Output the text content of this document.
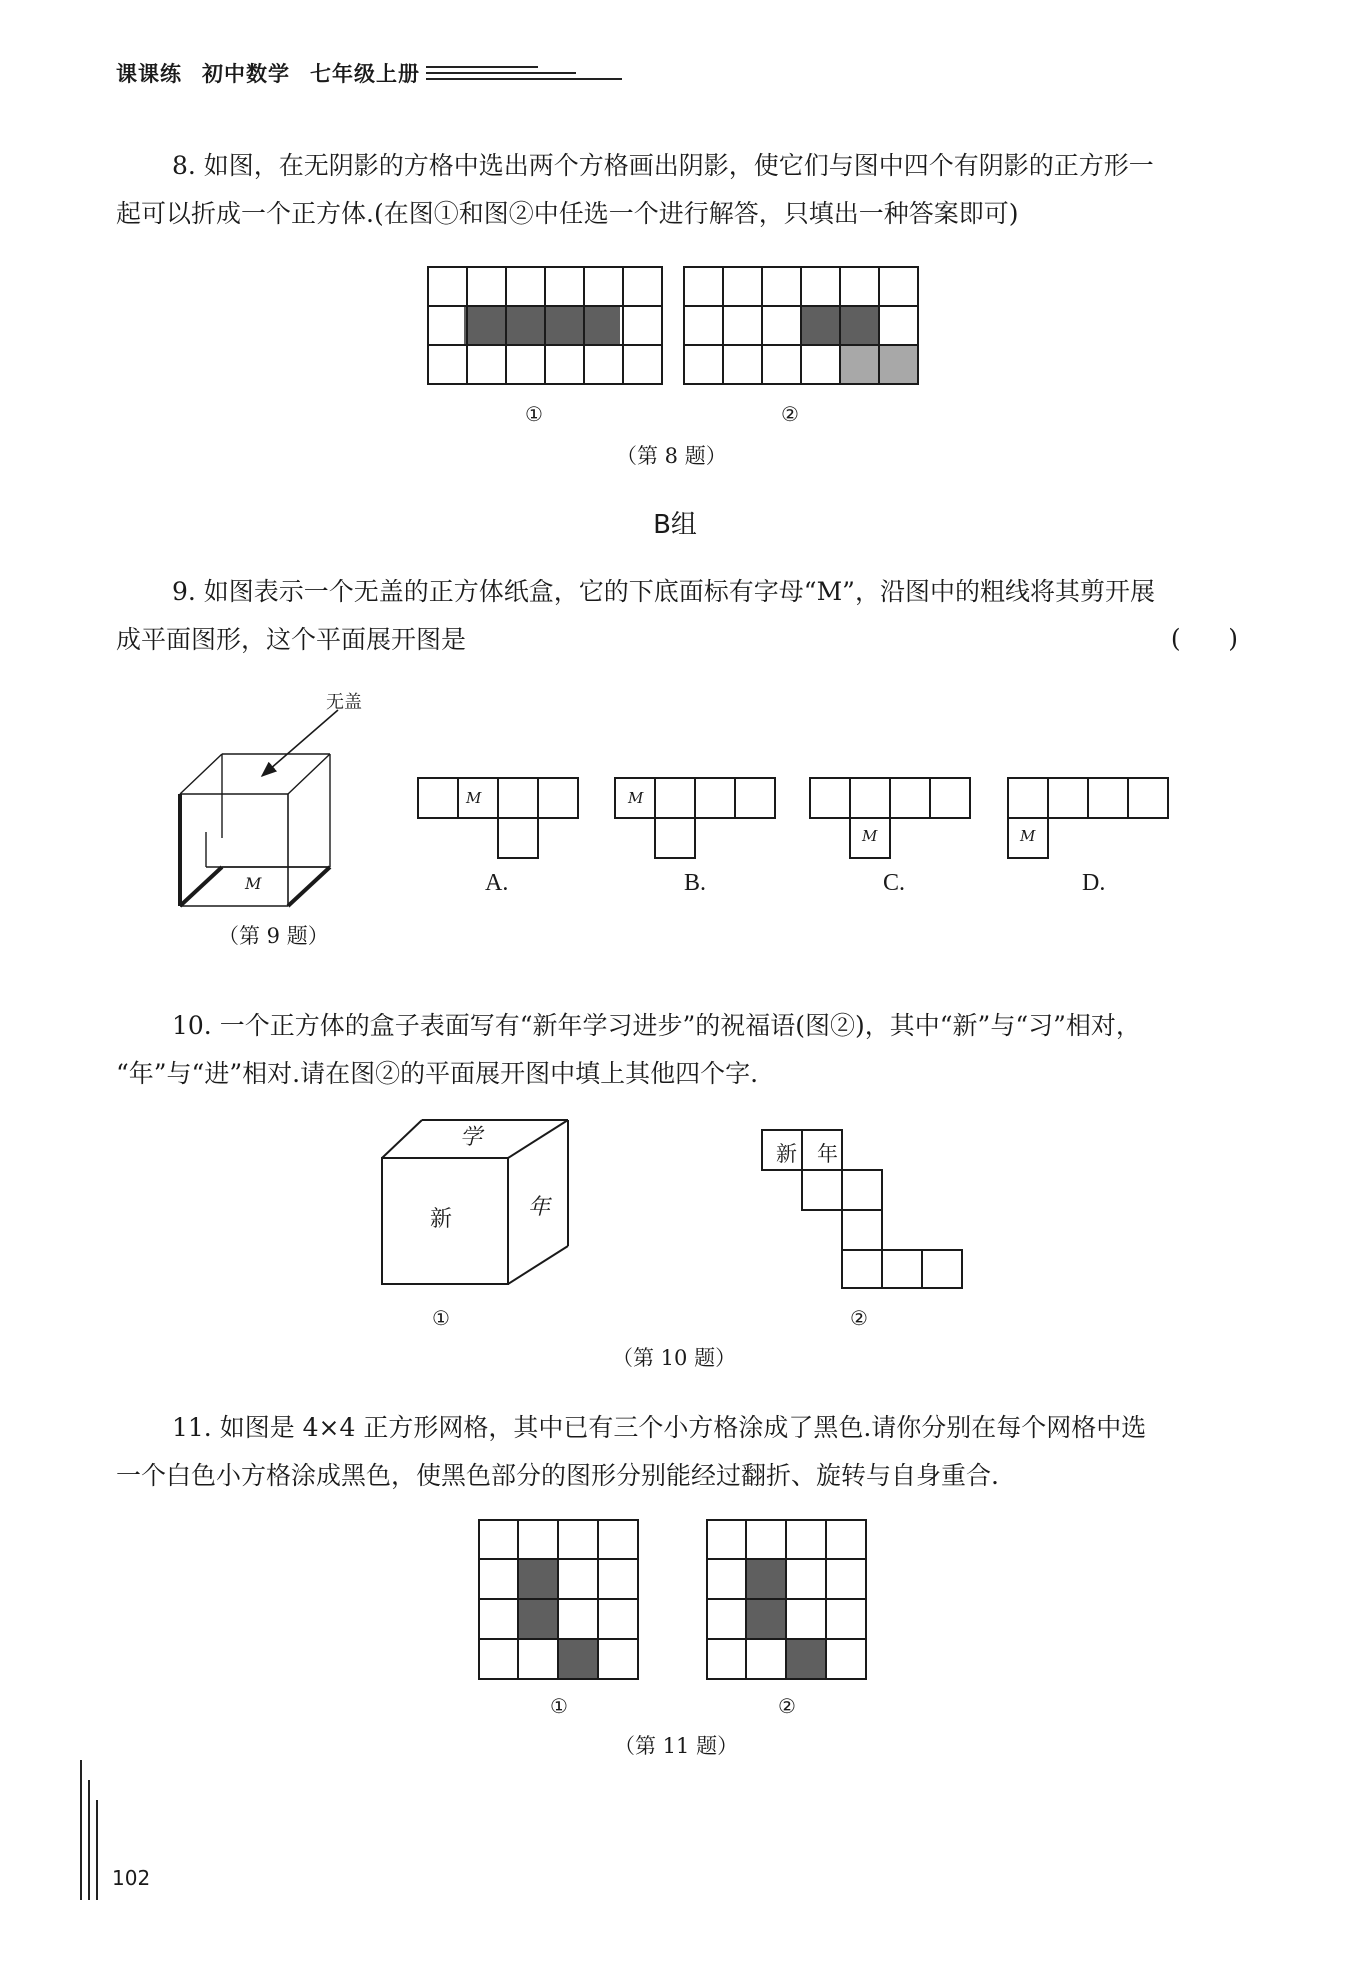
课课练 初中数学 七年级上册

8. 如图，在无阴影的方格中选出两个方格画出阴影，使它们与图中四个有阴影的正方形一

起可以折成一个正方体.(在图①和图②中任选一个进行解答，只填出一种答案即可)

①	②
（第 8 题）
B组

9. 如图表示一个无盖的正方体纸盒，它的下底面标有字母“M”，沿图中的粗线将其剪开展

成平面图形，这个平面展开图是	(      )
无盖
M
（第 9 题）
M
A.
M
B.
M
C.
M
D.

10. 一个正方体的盒子表面写有“新年学习进步”的祝福语(图②)，其中“新”与“习”相对，

“年”与“进”相对.请在图②的平面展开图中填上其他四个字.

学
新	年
新 年
①	②
（第 10 题）

11. 如图是 4×4 正方形网格，其中已有三个小方格涂成了黑色.请你分别在每个网格中选

一个白色小方格涂成黑色，使黑色部分的图形分别能经过翻折、旋转与自身重合.

①	②
（第 11 题）
102
